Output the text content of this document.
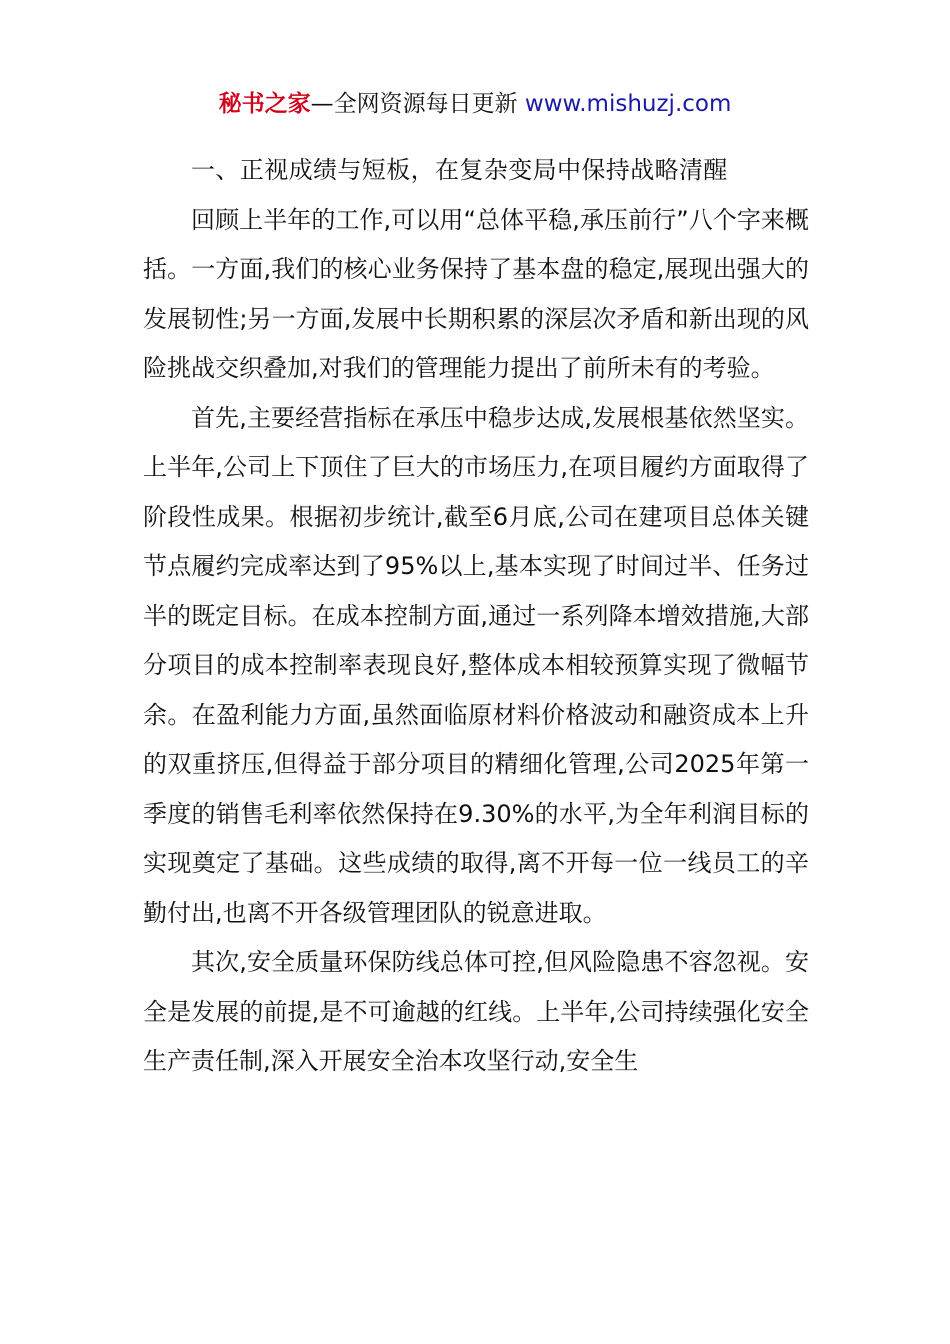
秘书之家—全网资源每日更新 www.mishuzj.com

一、正视成绩与短板，在复杂变局中保持战略清醒

回顾上半年的工作,可以用“总体平稳,承压前行”八个字来概括。一方面,我们的核心业务保持了基本盘的稳定,展现出强大的发展韧性;另一方面,发展中长期积累的深层次矛盾和新出现的风险挑战交织叠加,对我们的管理能力提出了前所未有的考验。

首先,主要经营指标在承压中稳步达成,发展根基依然坚实。上半年,公司上下顶住了巨大的市场压力,在项目履约方面取得了阶段性成果。根据初步统计,截至6月底,公司在建项目总体关键节点履约完成率达到了95%以上,基本实现了时间过半、任务过半的既定目标。在成本控制方面,通过一系列降本增效措施,大部分项目的成本控制率表现良好,整体成本相较预算实现了微幅节余。在盈利能力方面,虽然面临原材料价格波动和融资成本上升的双重挤压,但得益于部分项目的精细化管理,公司2025年第一季度的销售毛利率依然保持在9.30%的水平,为全年利润目标的实现奠定了基础。这些成绩的取得,离不开每一位一线员工的辛勤付出,也离不开各级管理团队的锐意进取。

其次,安全质量环保防线总体可控,但风险隐患不容忽视。安全是发展的前提,是不可逾越的红线。上半年,公司持续强化安全生产责任制,深入开展安全治本攻坚行动,安全生
